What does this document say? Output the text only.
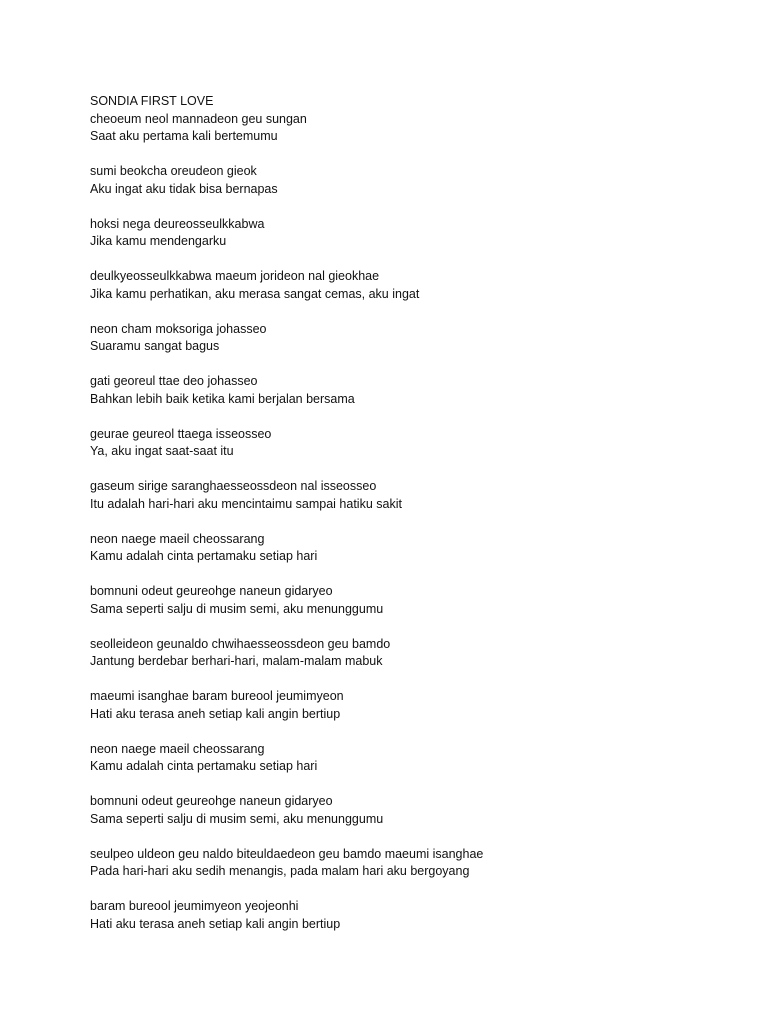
SONDIA FIRST LOVE
cheoeum neol mannadeon geu sungan
Saat aku pertama kali bertemumu
sumi beokcha oreudeon gieok
Aku ingat aku tidak bisa bernapas
hoksi nega deureosseulkkabwa
Jika kamu mendengarku
deulkyeosseulkkabwa maeum jorideon nal gieokhae
Jika kamu perhatikan, aku merasa sangat cemas, aku ingat
neon cham moksoriga johasseo
Suaramu sangat bagus
gati georeul ttae deo johasseo
Bahkan lebih baik ketika kami berjalan bersama
geurae geureol ttaega isseosseo
Ya, aku ingat saat-saat itu
gaseum sirige saranghaesseossdeon nal isseosseo
Itu adalah hari-hari aku mencintaimu sampai hatiku sakit
neon naege maeil cheossarang
Kamu adalah cinta pertamaku setiap hari
bomnuni odeut geureohge naneun gidaryeo
Sama seperti salju di musim semi, aku menunggumu
seolleideon geunaldo chwihaesseossdeon geu bamdo
Jantung berdebar berhari-hari, malam-malam mabuk
maeumi isanghae baram bureool jeumimyeon
Hati aku terasa aneh setiap kali angin bertiup
neon naege maeil cheossarang
Kamu adalah cinta pertamaku setiap hari
bomnuni odeut geureohge naneun gidaryeo
Sama seperti salju di musim semi, aku menunggumu
seulpeo uldeon geu naldo biteuldaedeon geu bamdo maeumi isanghae
Pada hari-hari aku sedih menangis, pada malam hari aku bergoyang
baram bureool jeumimyeon yeojeonhi
Hati aku terasa aneh setiap kali angin bertiup
